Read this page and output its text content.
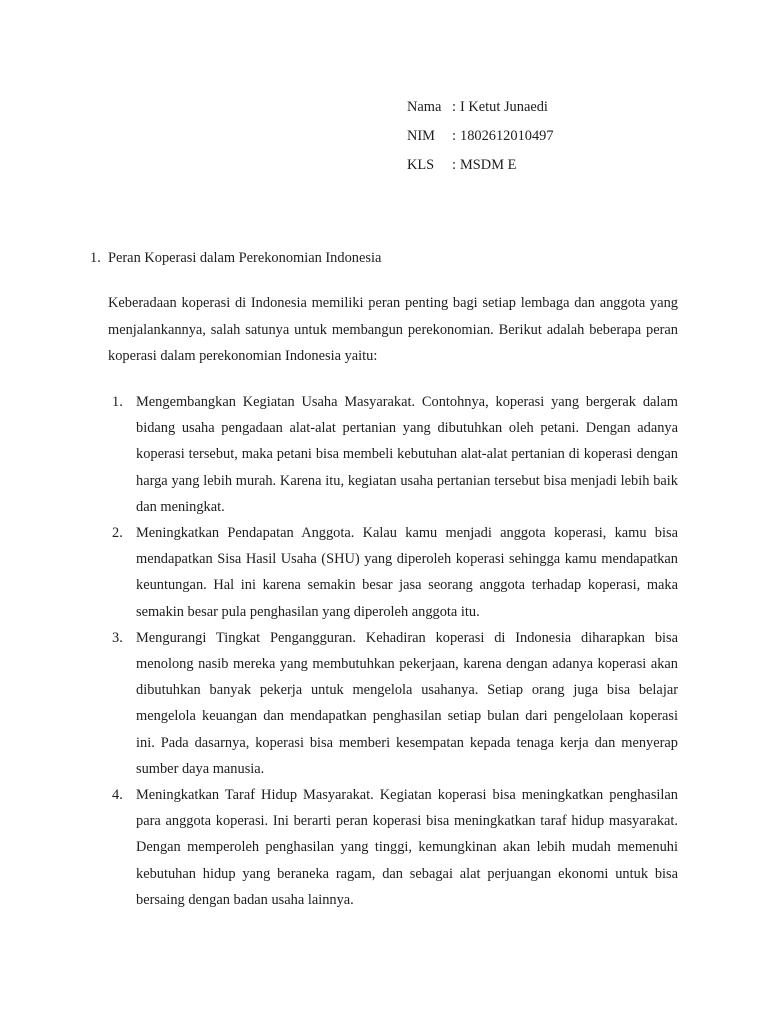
Nama : I Ketut Junaedi
NIM	: 1802612010497
KLS	: MSDM E
1. Peran Koperasi dalam Perekonomian Indonesia

Keberadaan koperasi di Indonesia memiliki peran penting bagi setiap lembaga dan anggota yang menjalankannya, salah satunya untuk membangun perekonomian. Berikut adalah beberapa peran koperasi dalam perekonomian Indonesia yaitu:

1. Mengembangkan Kegiatan Usaha Masyarakat. Contohnya, koperasi yang bergerak dalam bidang usaha pengadaan alat-alat pertanian yang dibutuhkan oleh petani. Dengan adanya koperasi tersebut, maka petani bisa membeli kebutuhan alat-alat pertanian di koperasi dengan harga yang lebih murah. Karena itu, kegiatan usaha pertanian tersebut bisa menjadi lebih baik dan meningkat.
2. Meningkatkan Pendapatan Anggota. Kalau kamu menjadi anggota koperasi, kamu bisa mendapatkan Sisa Hasil Usaha (SHU) yang diperoleh koperasi sehingga kamu mendapatkan keuntungan. Hal ini karena semakin besar jasa seorang anggota terhadap koperasi, maka semakin besar pula penghasilan yang diperoleh anggota itu.
3. Mengurangi Tingkat Pengangguran. Kehadiran koperasi di Indonesia diharapkan bisa menolong nasib mereka yang membutuhkan pekerjaan, karena dengan adanya koperasi akan dibutuhkan banyak pekerja untuk mengelola usahanya. Setiap orang juga bisa belajar mengelola keuangan dan mendapatkan penghasilan setiap bulan dari pengelolaan koperasi ini. Pada dasarnya, koperasi bisa memberi kesempatan kepada tenaga kerja dan menyerap sumber daya manusia.
4. Meningkatkan Taraf Hidup Masyarakat. Kegiatan koperasi bisa meningkatkan penghasilan para anggota koperasi. Ini berarti peran koperasi bisa meningkatkan taraf hidup masyarakat. Dengan memperoleh penghasilan yang tinggi, kemungkinan akan lebih mudah memenuhi kebutuhan hidup yang beraneka ragam, dan sebagai alat perjuangan ekonomi untuk bisa bersaing dengan badan usaha lainnya.
